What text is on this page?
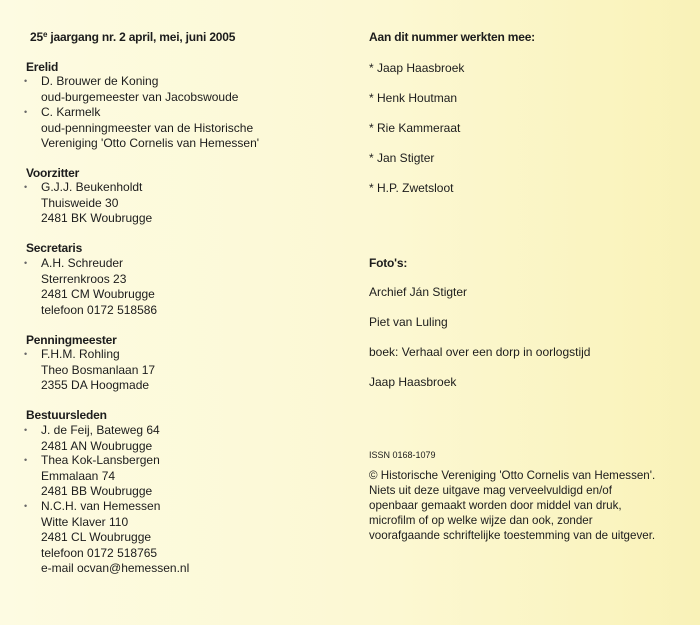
25e jaargang nr. 2 april, mei, juni 2005
Erelid
• D. Brouwer de Koning
oud-burgemeester van Jacobswoude
• C. Karmelk
oud-penningmeester van de Historische
Vereniging 'Otto Cornelis van Hemessen'
Voorzitter
• G.J.J. Beukenholdt
Thuisweide 30
2481 BK Woubrugge
Secretaris
• A.H. Schreuder
Sterrenkroos 23
2481 CM Woubrugge
telefoon 0172 518586
Penningmeester
• F.H.M. Rohling
Theo Bosmanlaan 17
2355 DA Hoogmade
Bestuursleden
• J. de Feij, Bateweg 64
2481 AN Woubrugge
• Thea Kok-Lansbergen
Emmalaan 74
2481 BB Woubrugge
• N.C.H. van Hemessen
Witte Klaver 110
2481 CL Woubrugge
telefoon 0172 518765
e-mail ocvan@hemessen.nl
Aan dit nummer werkten mee:
* Jaap Haasbroek
* Henk Houtman
* Rie Kammeraat
* Jan Stigter
* H.P. Zwetsloot
Foto's:
Archief Ján Stigter
Piet van Luling
boek: Verhaal over een dorp in oorlogstijd
Jaap Haasbroek
ISSN 0168-1079
© Historische Vereniging 'Otto Cornelis van Hemessen'.
Niets uit deze uitgave mag verveelvuldigd en/of
openbaar gemaakt worden door middel van druk,
microfilm of op welke wijze dan ook, zonder
voorafgaande schriftelijke toestemming van de uitgever.
